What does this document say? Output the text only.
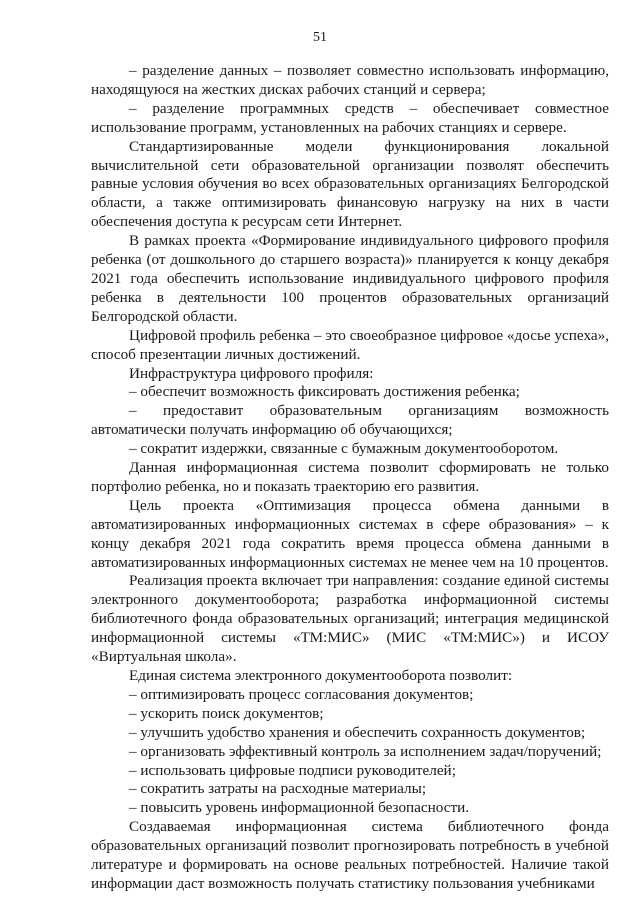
51

– разделение данных – позволяет совместно использовать информацию, находящуюся на жестких дисках рабочих станций и сервера;

– разделение программных средств – обеспечивает совместное использование программ, установленных на рабочих станциях и сервере.

Стандартизированные модели функционирования локальной вычислительной сети образовательной организации позволят обеспечить равные условия обучения во всех образовательных организациях Белгородской области, а также оптимизировать финансовую нагрузку на них в части обеспечения доступа к ресурсам сети Интернет.

В рамках проекта «Формирование индивидуального цифрового профиля ребенка (от дошкольного до старшего возраста)» планируется к концу декабря 2021 года обеспечить использование индивидуального цифрового профиля ребенка в деятельности 100 процентов образовательных организаций Белгородской области.

Цифровой профиль ребенка – это своеобразное цифровое «досье успеха», способ презентации личных достижений.

Инфраструктура цифрового профиля:

– обеспечит возможность фиксировать достижения ребенка;

– предоставит образовательным организациям возможность автоматически получать информацию об обучающихся;

– сократит издержки, связанные с бумажным документооборотом.

Данная информационная система позволит сформировать не только портфолио ребенка, но и показать траекторию его развития.

Цель проекта «Оптимизация процесса обмена данными в автоматизированных информационных системах в сфере образования» – к концу декабря 2021 года сократить время процесса обмена данными в автоматизированных информационных системах не менее чем на 10 процентов.

Реализация проекта включает три направления: создание единой системы электронного документооборота; разработка информационной системы библиотечного фонда образовательных организаций; интеграция медицинской информационной системы «ТМ:МИС» (МИС «ТМ:МИС») и ИСОУ «Виртуальная школа».

Единая система электронного документооборота позволит:

– оптимизировать процесс согласования документов;

– ускорить поиск документов;

– улучшить удобство хранения и обеспечить сохранность документов;

– организовать эффективный контроль за исполнением задач/поручений;

– использовать цифровые подписи руководителей;

– сократить затраты на расходные материалы;

– повысить уровень информационной безопасности.

Создаваемая информационная система библиотечного фонда образовательных организаций позволит прогнозировать потребность в учебной литературе и формировать на основе реальных потребностей. Наличие такой информации даст возможность получать статистику пользования учебниками
